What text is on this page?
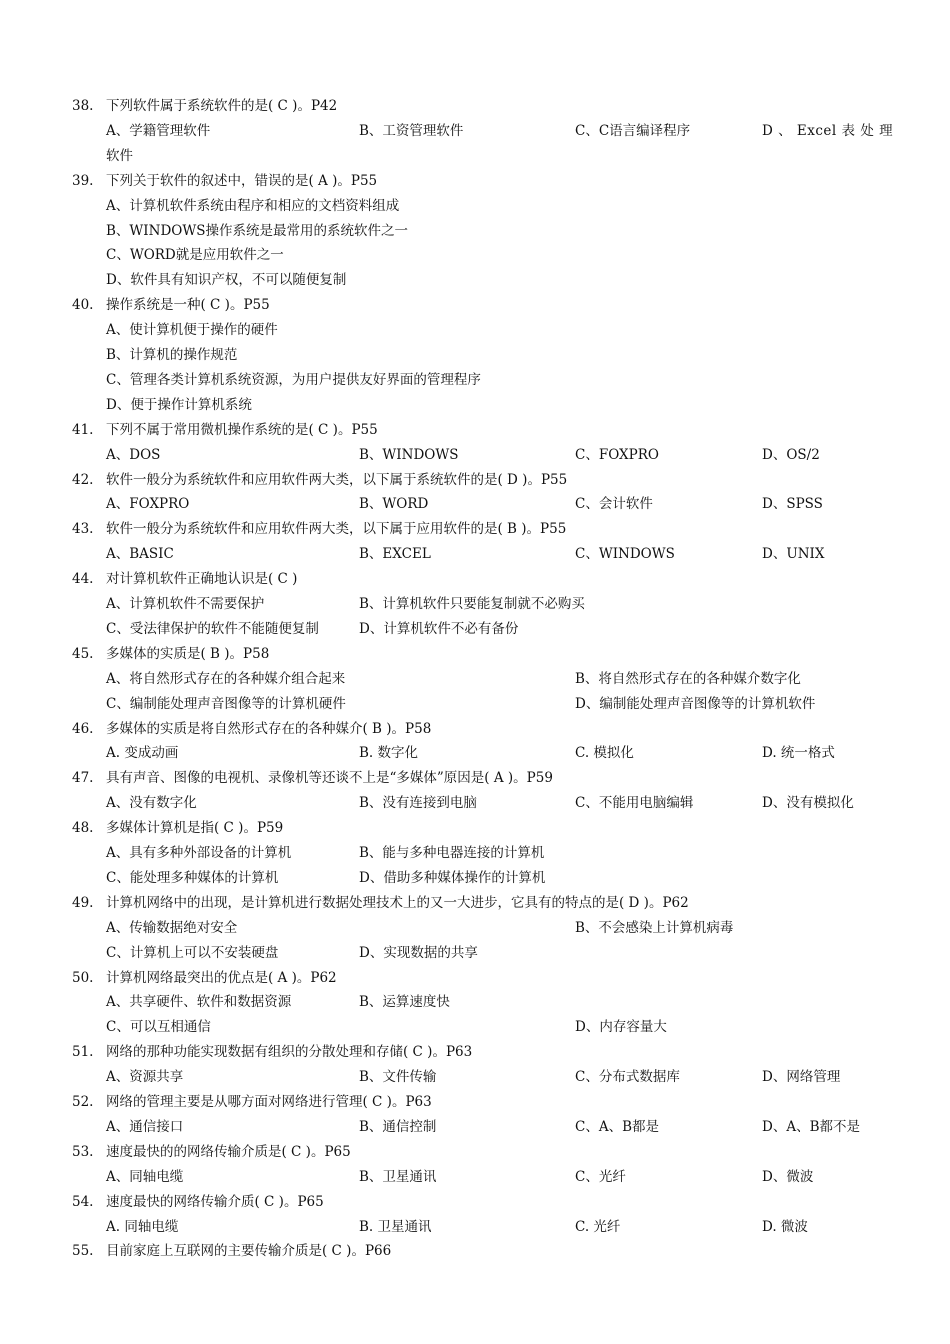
38. 下列软件属于系统软件的是( C )。P42
A、学籍管理软件	B、工资管理软件	C、C语言编译程序	D 、 Excel 表 处 理
软件
39. 下列关于软件的叙述中，错误的是( A )。P55
A、计算机软件系统由程序和相应的文档资料组成
B、WINDOWS操作系统是最常用的系统软件之一
C、WORD就是应用软件之一
D、软件具有知识产权，不可以随便复制
40. 操作系统是一种( C )。P55
A、使计算机便于操作的硬件
B、计算机的操作规范
C、管理各类计算机系统资源，为用户提供友好界面的管理程序
D、便于操作计算机系统
41. 下列不属于常用微机操作系统的是( C )。P55
A、DOS	B、WINDOWS	C、FOXPRO	D、OS/2
42. 软件一般分为系统软件和应用软件两大类，以下属于系统软件的是( D )。P55
A、FOXPRO	B、WORD	C、会计软件	D、SPSS
43. 软件一般分为系统软件和应用软件两大类，以下属于应用软件的是( B )。P55
A、BASIC	B、EXCEL	C、WINDOWS	D、UNIX
44. 对计算机软件正确地认识是( C )
A、计算机软件不需要保护	B、计算机软件只要能复制就不必购买
C、受法律保护的软件不能随便复制	D、计算机软件不必有备份
45. 多媒体的实质是( B )。P58
A、将自然形式存在的各种媒介组合起来	B、将自然形式存在的各种媒介数字化
C、编制能处理声音图像等的计算机硬件	D、编制能处理声音图像等的计算机软件
46. 多媒体的实质是将自然形式存在的各种媒介( B )。P58
A. 变成动画	B. 数字化	C. 模拟化	D. 统一格式
47. 具有声音、图像的电视机、录像机等还谈不上是“多媒体”原因是( A )。P59
A、没有数字化	B、没有连接到电脑	C、不能用电脑编辑	D、没有模拟化
48. 多媒体计算机是指( C )。P59
A、具有多种外部设备的计算机	B、能与多种电器连接的计算机
C、能处理多种媒体的计算机	D、借助多种媒体操作的计算机
49. 计算机网络中的出现，是计算机进行数据处理技术上的又一大进步，它具有的特点的是( D )。P62
A、传输数据绝对安全	B、不会感染上计算机病毒
C、计算机上可以不安装硬盘	D、实现数据的共享
50. 计算机网络最突出的优点是( A )。P62
A、共享硬件、软件和数据资源	B、运算速度快
C、可以互相通信	D、内存容量大
51. 网络的那种功能实现数据有组织的分散处理和存储( C )。P63
A、资源共享	B、文件传输	C、分布式数据库	D、网络管理
52. 网络的管理主要是从哪方面对网络进行管理( C )。P63
A、通信接口	B、通信控制	C、A、B都是	D、A、B都不是
53. 速度最快的的网络传输介质是( C )。P65
A、同轴电缆	B、卫星通讯	C、光纤	D、微波
54. 速度最快的网络传输介质( C )。P65
A. 同轴电缆	B. 卫星通讯	C. 光纤	D. 微波
55. 目前家庭上互联网的主要传输介质是( C )。P66
